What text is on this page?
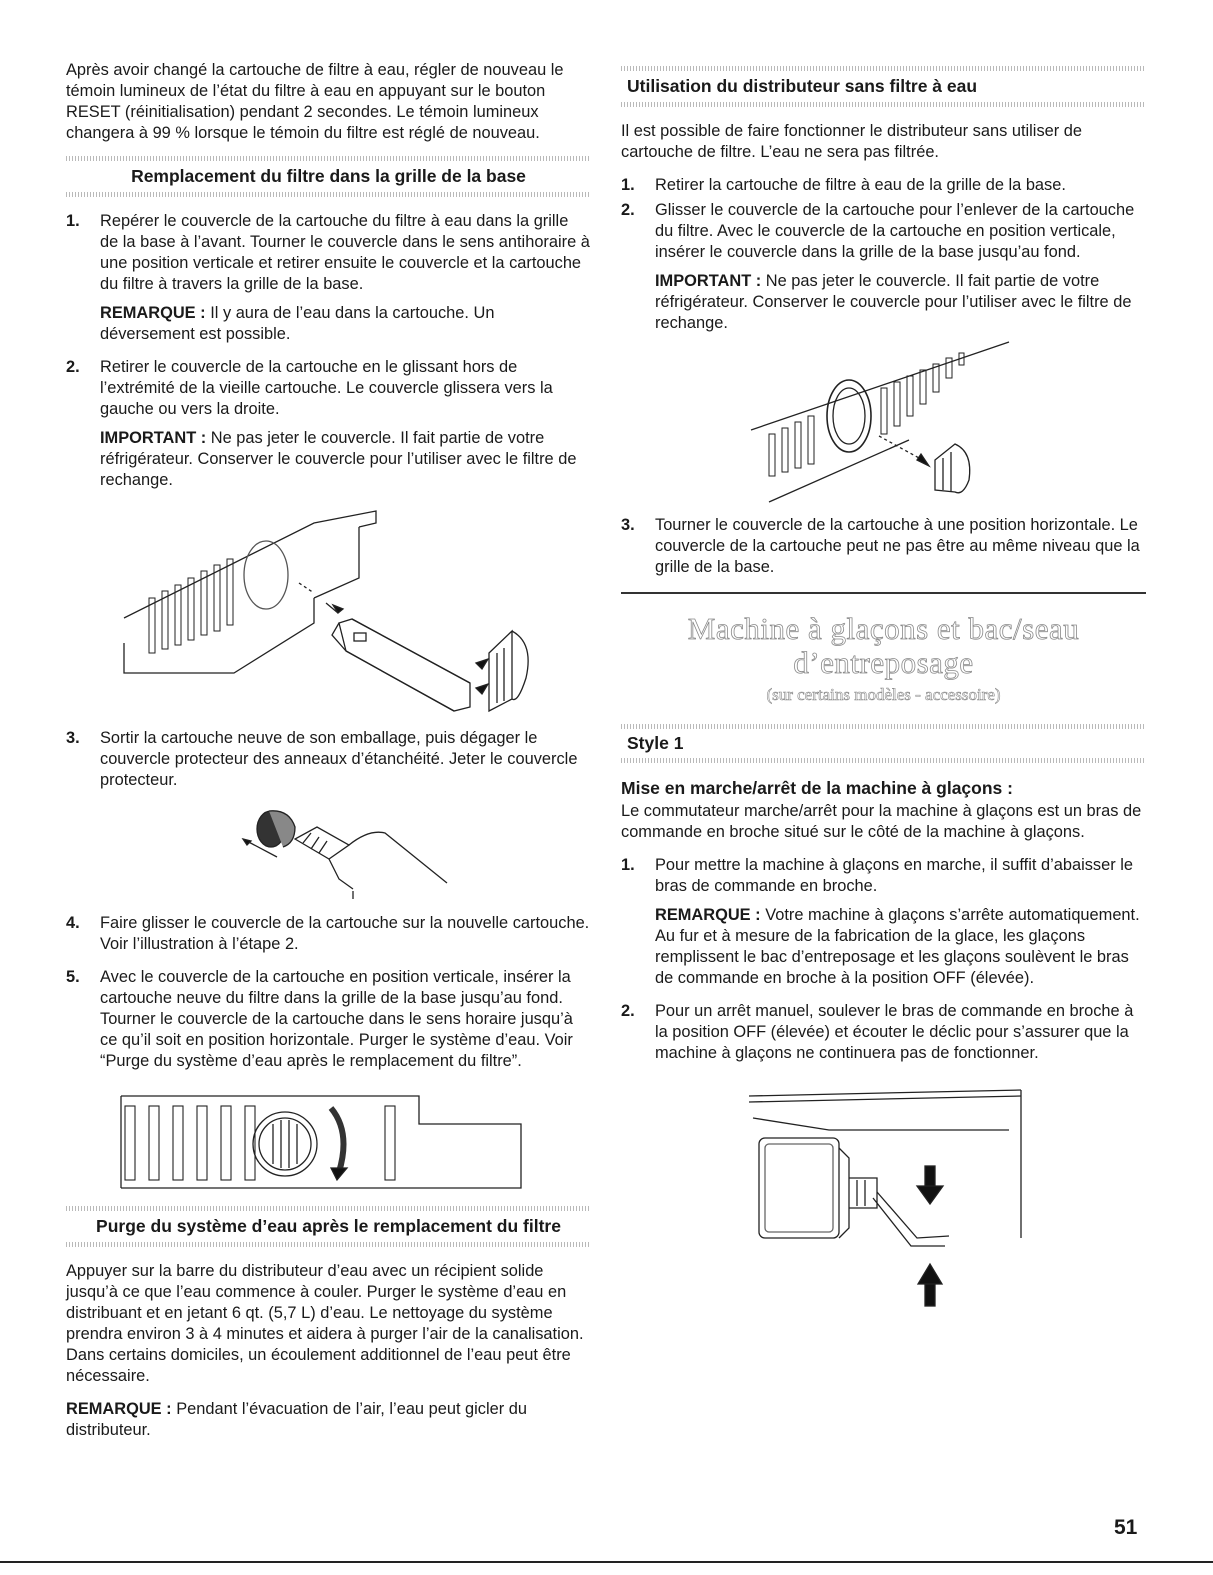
Après avoir changé la cartouche de filtre à eau, régler de nouveau le témoin lumineux de l’état du filtre à eau en appuyant sur le bouton RESET (réinitialisation) pendant 2 secondes. Le témoin lumineux changera à 99 % lorsque le témoin du filtre est réglé de nouveau.

Remplacement du filtre dans la grille de la base
1. Repérer le couvercle de la cartouche du filtre à eau dans la grille de la base à l’avant. Tourner le couvercle dans le sens antihoraire à une position verticale et retirer ensuite le couvercle et la cartouche du filtre à travers la grille de la base.

REMARQUE : Il y aura de l’eau dans la cartouche. Un déversement est possible.

2. Retirer le couvercle de la cartouche en le glissant hors de l’extrémité de la vieille cartouche. Le couvercle glissera vers la gauche ou vers la droite.

IMPORTANT : Ne pas jeter le couvercle. Il fait partie de votre réfrigérateur. Conserver le couvercle pour l’utiliser avec le filtre de rechange.

3. Sortir la cartouche neuve de son emballage, puis dégager le couvercle protecteur des anneaux d’étanchéité. Jeter le couvercle protecteur.

4. Faire glisser le couvercle de la cartouche sur la nouvelle cartouche. Voir l’illustration à l’étape 2.

5. Avec le couvercle de la cartouche en position verticale, insérer la cartouche neuve du filtre dans la grille de la base jusqu’au fond. Tourner le couvercle de la cartouche dans le sens horaire jusqu’à ce qu’il soit en position horizontale. Purger le système d’eau. Voir “Purge du système d’eau après le remplacement du filtre”.

Purge du système d’eau après le remplacement du filtre

Appuyer sur la barre du distributeur d’eau avec un récipient solide jusqu’à ce que l’eau commence à couler. Purger le système d’eau en distribuant et en jetant 6 qt. (5,7 L) d’eau. Le nettoyage du système prendra environ 3 à 4 minutes et aidera à purger l’air de la canalisation. Dans certains domiciles, un écoulement additionnel de l’eau peut être nécessaire.

REMARQUE : Pendant l’évacuation de l’air, l’eau peut gicler du distributeur.

Utilisation du distributeur sans filtre à eau

Il est possible de faire fonctionner le distributeur sans utiliser de cartouche de filtre. L’eau ne sera pas filtrée.

1. Retirer la cartouche de filtre à eau de la grille de la base.

2. Glisser le couvercle de la cartouche pour l’enlever de la cartouche du filtre. Avec le couvercle de la cartouche en position verticale, insérer le couvercle dans la grille de la base jusqu’au fond.

IMPORTANT : Ne pas jeter le couvercle. Il fait partie de votre réfrigérateur. Conserver le couvercle pour l’utiliser avec le filtre de rechange.

3. Tourner le couvercle de la cartouche à une position horizontale. Le couvercle de la cartouche peut ne pas être au même niveau que la grille de la base.

Machine à glaçons et bac/seau d’entreposage
(sur certains modèles - accessoire)
Style 1
Mise en marche/arrêt de la machine à glaçons :

Le commutateur marche/arrêt pour la machine à glaçons est un bras de commande en broche situé sur le côté de la machine à glaçons.

1. Pour mettre la machine à glaçons en marche, il suffit d’abaisser le bras de commande en broche.

REMARQUE : Votre machine à glaçons s’arrête automatiquement. Au fur et à mesure de la fabrication de la glace, les glaçons remplissent le bac d’entreposage et les glaçons soulèvent le bras de commande en broche à la position OFF (élevée).

2. Pour un arrêt manuel, soulever le bras de commande en broche à la position OFF (élevée) et écouter le déclic pour s’assurer que la machine à glaçons ne continuera pas de fonctionner.

51
